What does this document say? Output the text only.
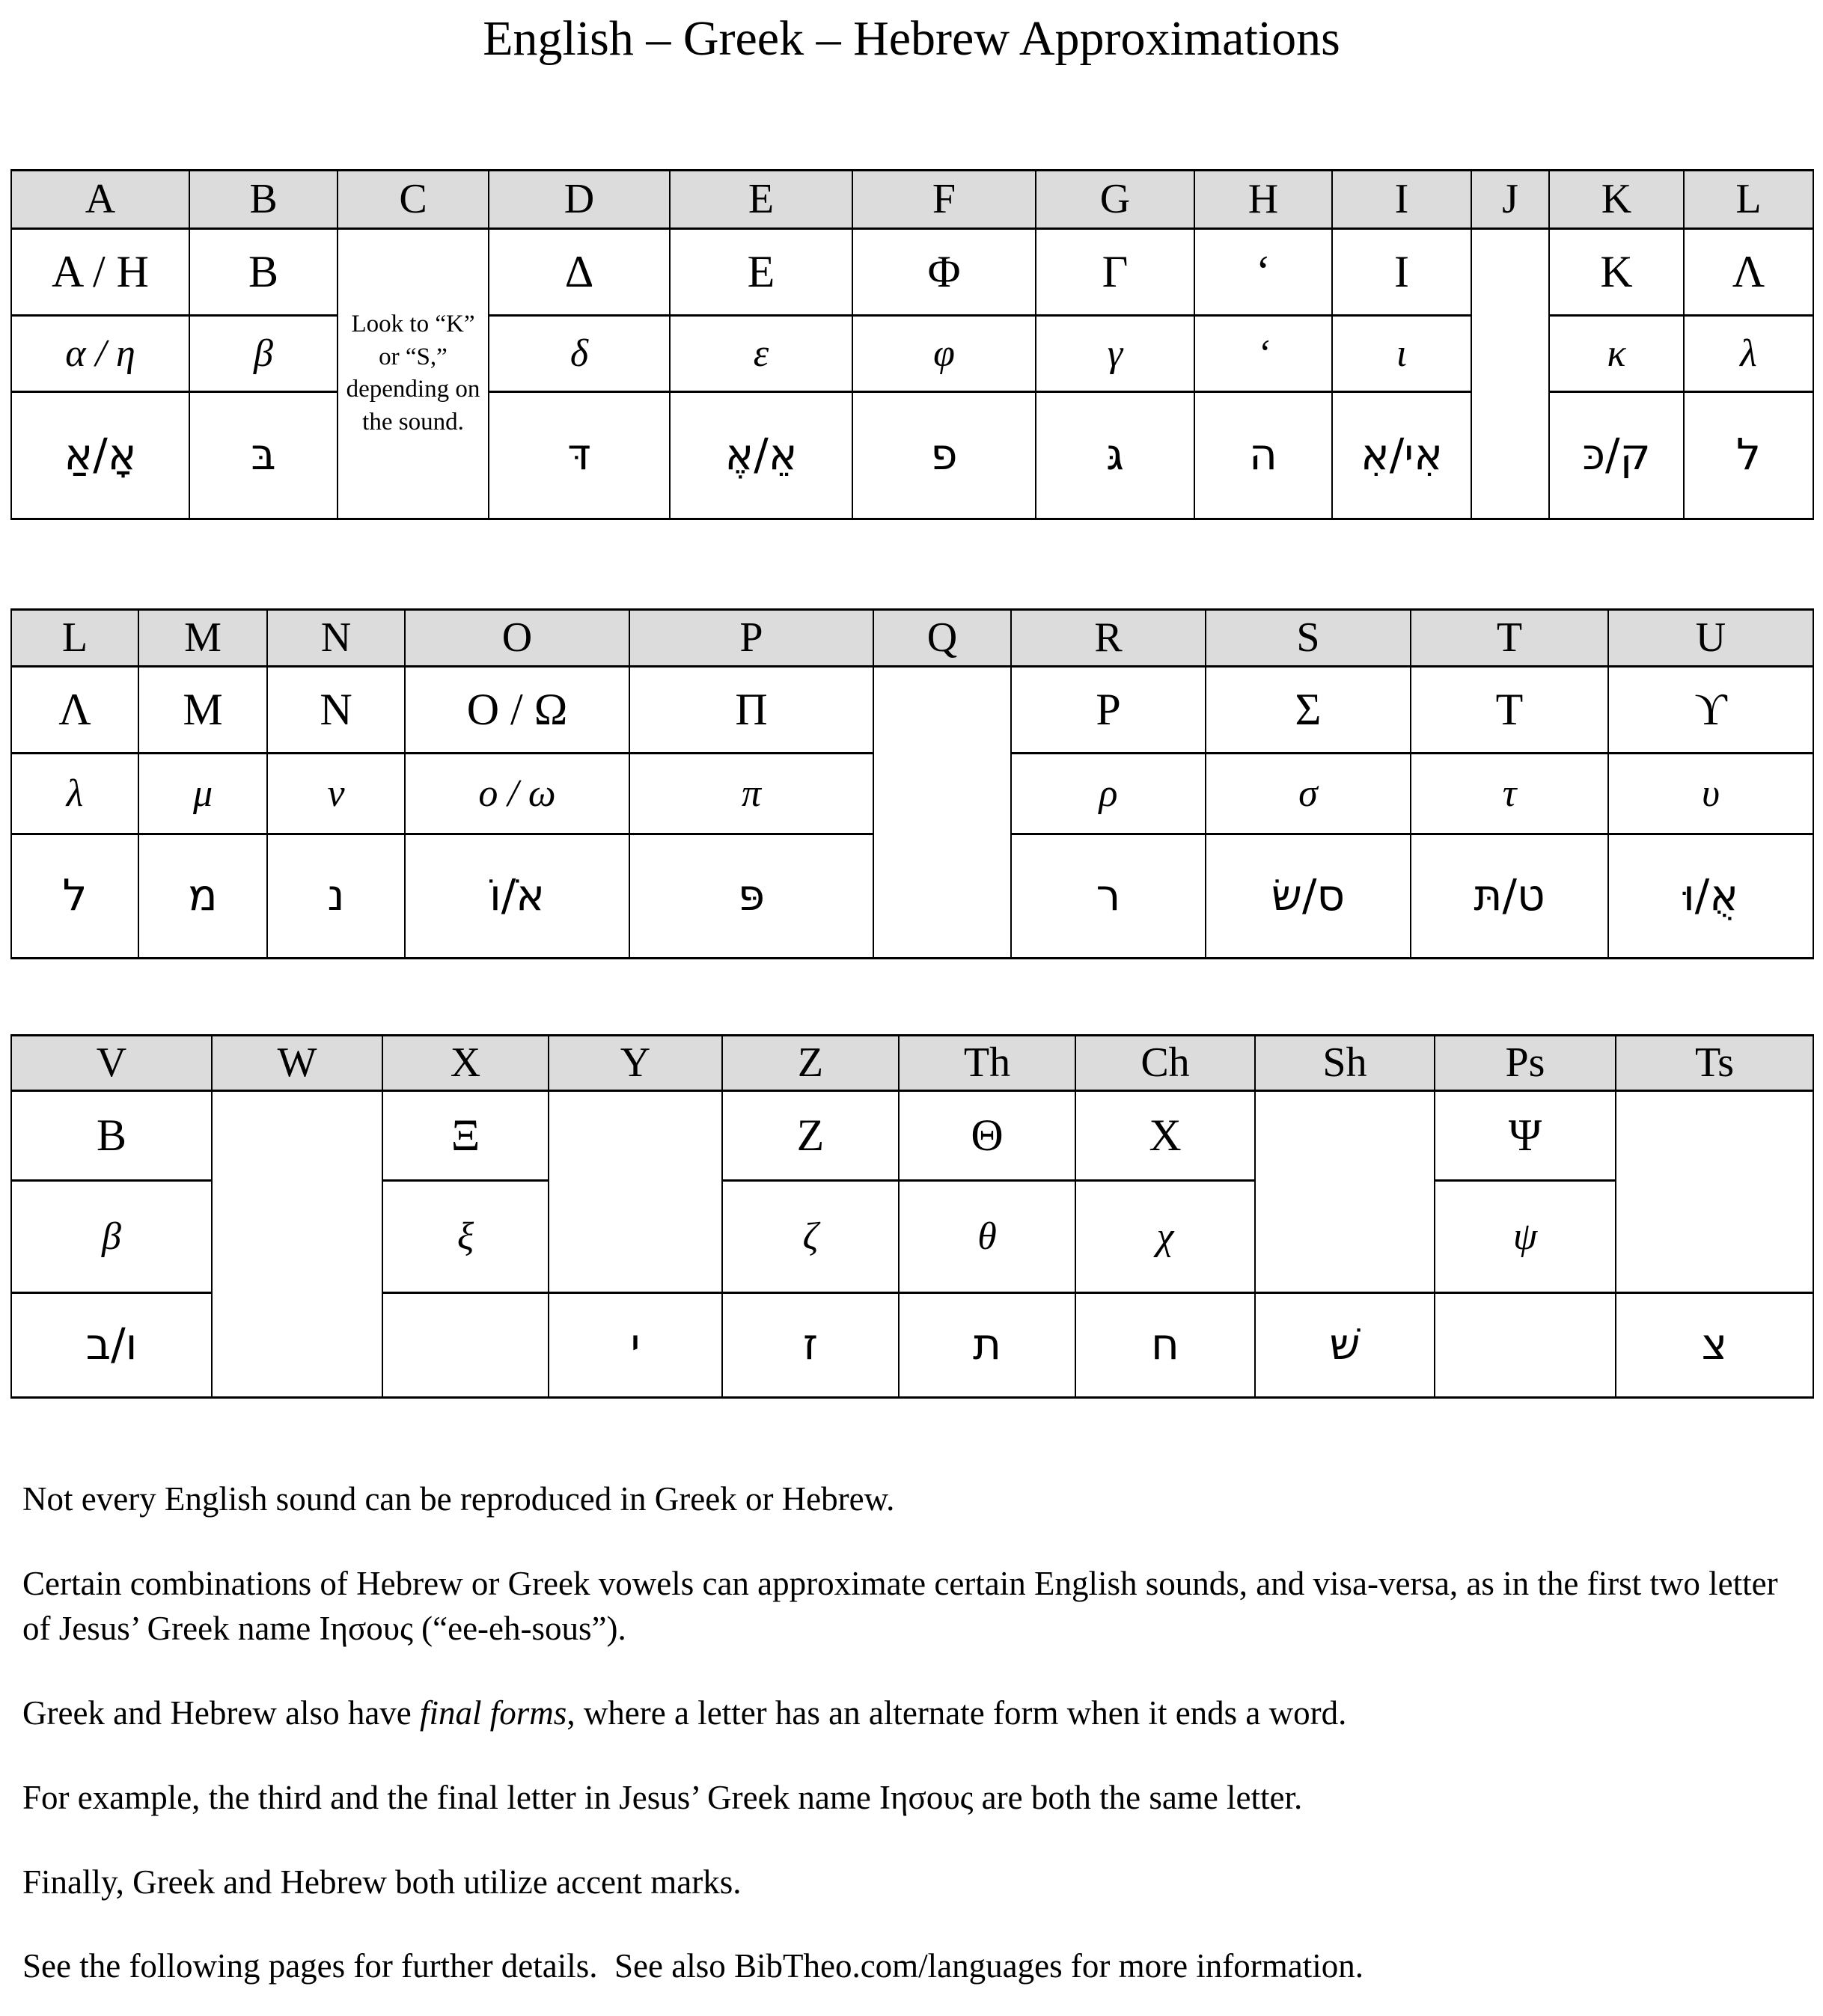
English – Greek – Hebrew Approximations
A	B	C	D	E	F	G	H	I	J	K	L
Α / Η	Β	Look to “K” or “S,” depending on the sound.	Δ	Ε	Φ	Γ	‘	Ι		Κ	Λ
α / η	β		δ	ε	φ	γ	‘	ι		κ	λ
אָ/אַ	בּ		דּ	אֵ/אֶ	פ	גּ	ה	אִי/אִ		ק/כּ	ל
L	M	N	O	P	Q	R	S	T	U
Λ	Μ	Ν	Ο / Ω	Π		Ρ	Σ	Τ	ϒ
λ	μ	ν	ο / ω	π		ρ	σ	τ	υ
ל	מ	נ	אֹ/וֹ	פּ		ר	ס/שׂ	ט/תּ	אֻ/וּ
V	W	X	Y	Z	Th	Ch	Sh	Ps	Ts
Β		Ξ		Ζ	Θ	Χ		Ψ	
β		ξ		ζ	θ	χ		ψ	
ו/ב			י	ז	ת	ח	שׁ		צ

Not every English sound can be reproduced in Greek or Hebrew.

Certain combinations of Hebrew or Greek vowels can approximate certain English sounds, and visa-versa, as in the first two letter of Jesus’ Greek name Ιησους (“ee-eh-sous”).

Greek and Hebrew also have final forms, where a letter has an alternate form when it ends a word.

For example, the third and the final letter in Jesus’ Greek name Ιησους are both the same letter.

Finally, Greek and Hebrew both utilize accent marks.

See the following pages for further details.  See also BibTheo.com/languages for more information.
